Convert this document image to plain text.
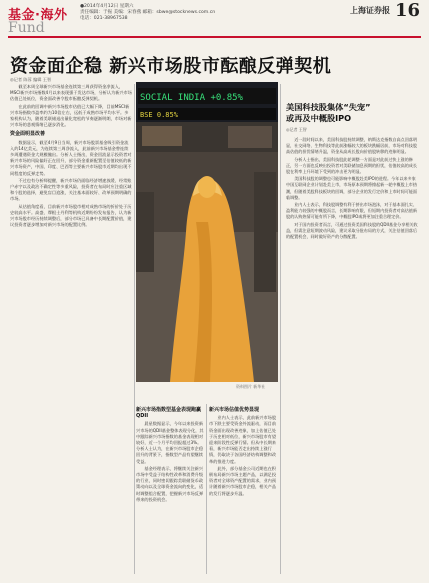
基金·海外
Fund
●2014年4月12日 星期六
责任编辑：于振 美编：宋春燕 邮箱：sbwe@stocknews.com.cn
电话：021-38967538
上海证券报 16
资金面企稳 新兴市场股市酝酿反弹契机
◎记者 陈蓉 编辑 王智

截至本周全球新兴市场基金连续第三周获得资金净流入，MSCI新兴市场指数4月以来表现强于发达市场，分析认为新兴市场估值已处低位，资金面改善令股市酝酿反弹契机。

在此前的回调中新兴市场股市估值已大幅下降，目前MSCI新兴市场指数市盈率约为10倍左右，远低于成熟市场平均水平。多家机构认为，随着美联储退出量化宽松的节奏逐渐明朗，市场对新兴市场的悲观情绪已逐步消化。

资金面明显改善

数据显示，截至4月9日当周，新兴市场股票基金吸引资金流入约14亿美元，为连续第三周净流入，此前新兴市场基金曾连续多周遭遇资金大规模撤出。分析人士指出，资金回流显示投资者对新兴市场的风险偏好正在回升，部分资金重新配置至估值较低的新兴市场资产，中国、印度、巴西等主要新兴市场股市近期均出现不同程度的反弹走势。

不过也有分析师提醒，新兴市场仍面临经济增速放缓、经常账户赤字以及政治不确定性等多重风险，投资者在布局时应注重区域和个股的选择，避免盲目追涨，关注基本面较好、改革预期明确的市场。

从估值角度看，目前新兴市场股市相对成熟市场的折价处于历史较高水平。高盛、摩根士丹利等机构近期纷纷发布报告，认为新兴市场股市经历持续调整后，部分市场已具备中长期配置价值，建议投资者逐步增加对新兴市场的配置比例。

SOCIAL INDIA +0.85%
BSE 0.85%
资料图片 新华社
新兴市场指数型基金表现跑赢QDII

晨星数据显示，今年以来投资新兴市场的QDII基金整体表现分化，其中跟踪新兴市场指数的基金表现相对较好，近一个月平均回报超过3%。分析人士认为，在新兴市场股市企稳回升的背景下，指数型产品有望继续受益。

基金经理表示，将继续关注新兴市场中受益于结构性改革和消费升级的行业，同时密切跟踪美联储货币政策动向以及全球资金流向的变化，适时调整组合配置，把握新兴市场反弹带来的投资机会。

新兴市场估值优势显现

业内人士表示，此前新兴市场股市下跌主要受资金外流驱动，而目前资金面出现改善迹象，加上估值已处于历史相对低位，新兴市场股市有望迎来阶段性反弹行情。但从中长期来看，新兴市场能否走出持续上涨行情，仍取决于各国经济结构调整和改革的推进力度。

此外，部分基金公司近期也在积极布局新兴市场主题产品，以满足投资者对全球资产配置的需求，业内预计随着新兴市场股市企稳，相关产品的发行将逐步升温。

美国科技股集体“失宠”
或再及中概股IPO
◎记者 王智

近一段时间以来，美国科技股持续调整，纳斯达克指数自高点回落明显，社交网络、生物科技等此前涨幅较大的板块跌幅居前，市场对科技股高估值的担忧情绪升温，资金从高成长股向价值股转移的迹象明显。

分析人士指出，美国科技股此轮调整一方面是对此前过快上涨的修正，另一方面也反映出投资者对美联储加息预期的担忧，估值较高的成长股在利率上升环境下受到的冲击更为明显。

美国科技股的调整也可能影响中概股赴美IPO的进程。今年以来多家中国互联网企业计划赴美上市，市场原本预期将掀起新一轮中概股上市热潮，但随着美股科技板块的回调，部分企业的发行定价和上市时间可能面临调整。

业内人士表示，科技股调整有利于挤出市场泡沫，对于基本面扎实、盈利能力较强的中概股而言，长期影响有限，但短期内投资者对高估值新股的认购热情可能有所下降，中概股IPO或将更加注重合理定价。

对于国内投资者而言，可通过投资美国科技股的QDII基金分享相关收益，但需注意短期波动风险，建议采取分批布局的方式，关注估值回落后的配置机会，同时做好资产的分散配置。
